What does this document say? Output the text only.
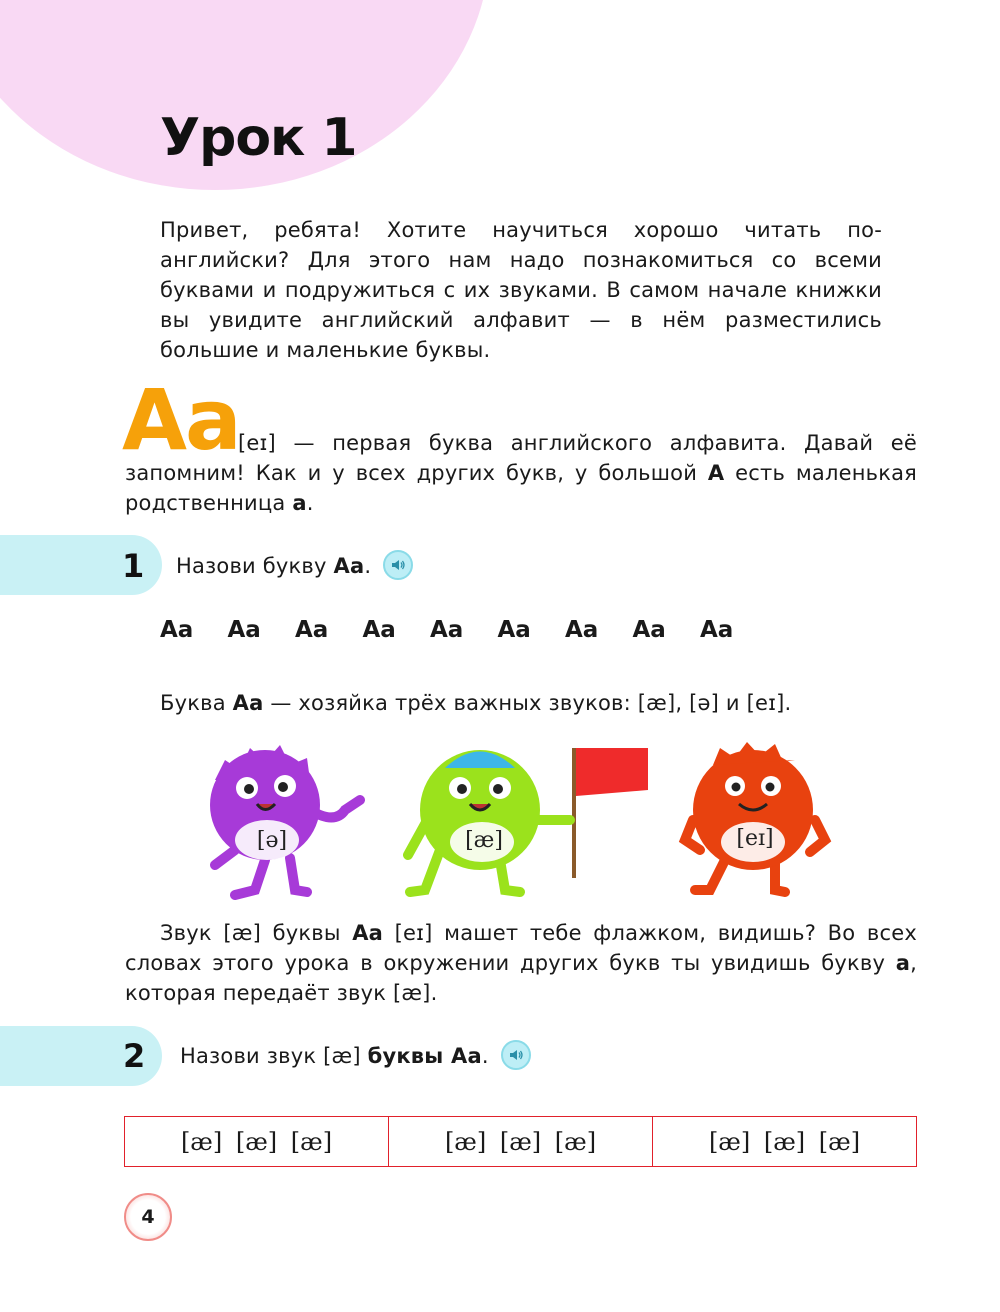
Урок 1
Привет, ребята! Хотите научиться хорошо читать по-английски? Для этого нам надо познакомиться со всеми буквами и подружиться с их звуками. В самом начале книжки вы увидите английский алфавит — в нём разместились большие и маленькие буквы.
Aa
[eɪ] — первая буква английского алфавита. Давай её запомним! Как и у всех других букв, у большой A есть маленькая родственница a.
1 Назови букву Aa.
Aa	Aa	Aa	Aa	Aa	Aa	Aa	Aa	Aa
Буква Aa — хозяйка трёх важных звуков: [æ], [ə] и [eɪ].
[ə]	[æ]	[eɪ]
Звук [æ] буквы Aa [eɪ] машет тебе флажком, видишь? Во всех словах этого урока в окружении других букв ты увидишь букву a, которая передаёт звук [æ].
2 Назови звук [æ] буквы Aa.
[æ] [æ] [æ]	[æ] [æ] [æ]	[æ] [æ] [æ]
4
